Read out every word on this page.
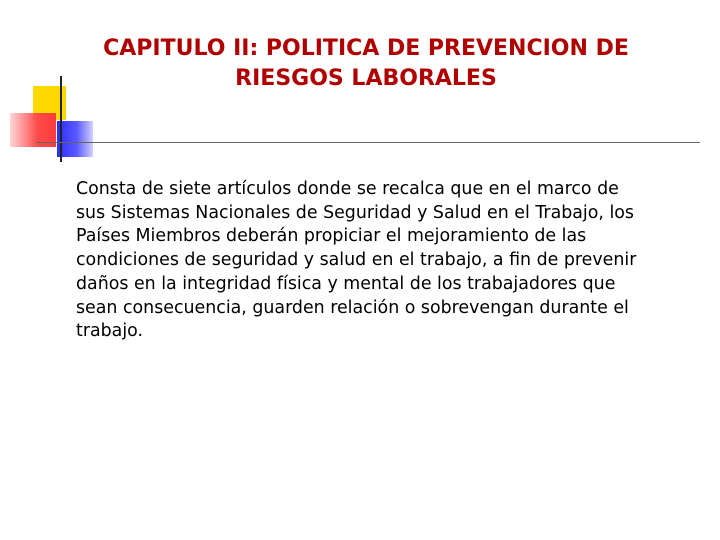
CAPITULO II: POLITICA DE PREVENCION DE
RIESGOS LABORALES

Consta de siete artículos donde se recalca que en el marco de
sus Sistemas Nacionales de Seguridad y Salud en el Trabajo, los
Países Miembros deberán propiciar el mejoramiento de las
condiciones de seguridad y salud en el trabajo, a fin de prevenir
daños en la integridad física y mental de los trabajadores que
sean consecuencia, guarden relación o sobrevengan durante el
trabajo.
